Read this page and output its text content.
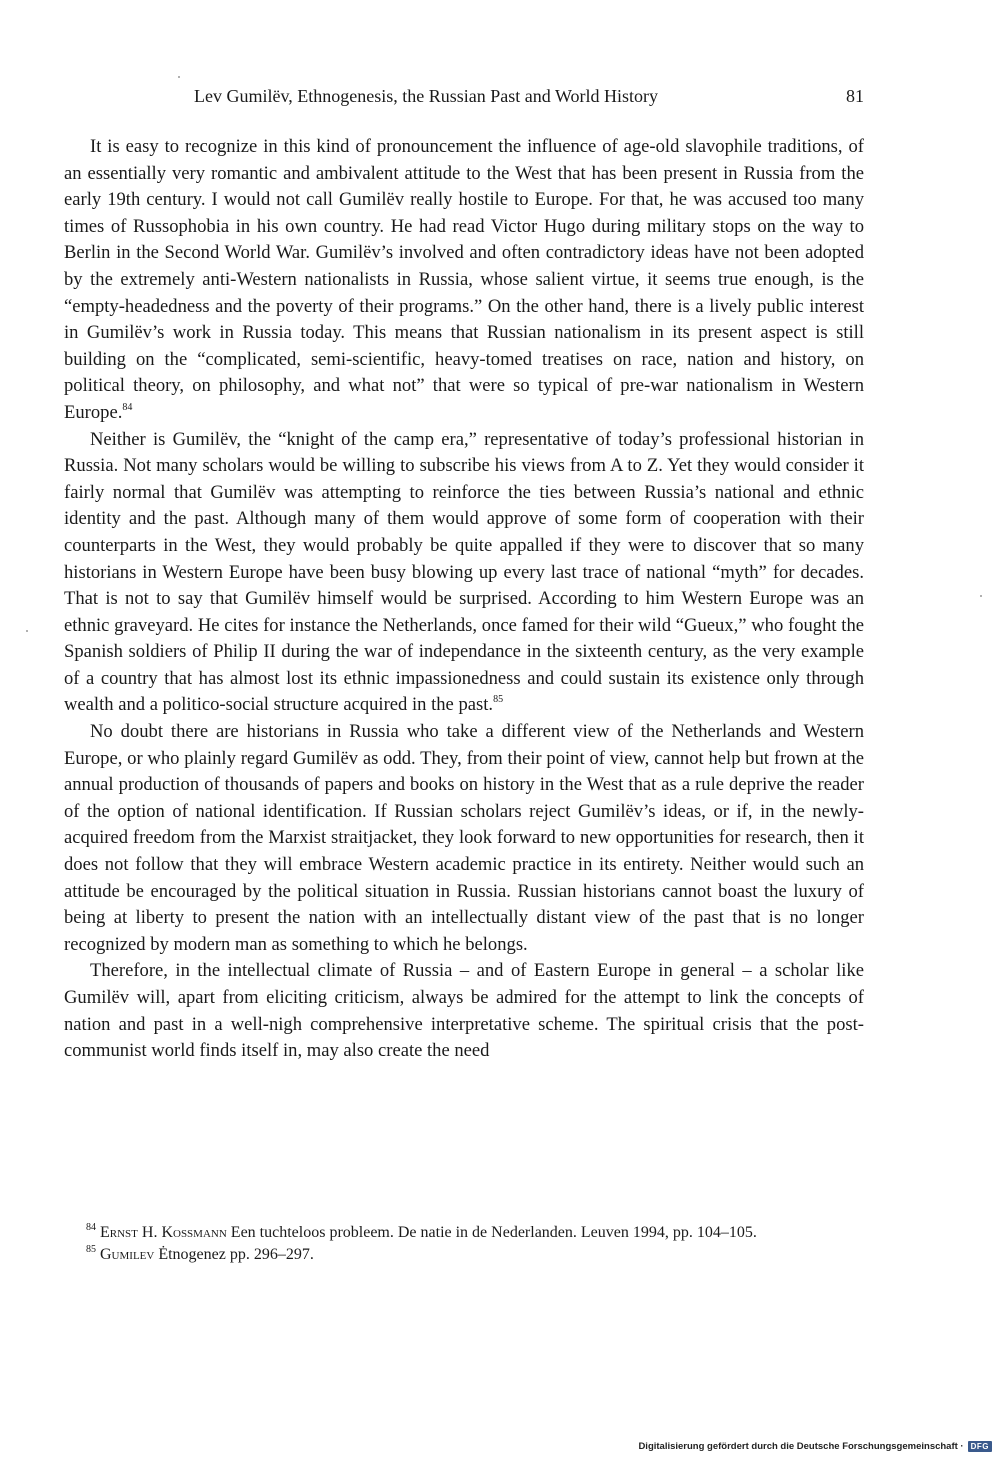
Lev Gumilëv, Ethnogenesis, the Russian Past and World History	81

It is easy to recognize in this kind of pronouncement the influence of age-old slavophile traditions, of an essentially very romantic and ambivalent attitude to the West that has been present in Russia from the early 19th century. I would not call Gumilëv really hostile to Europe. For that, he was accused too many times of Russophobia in his own country. He had read Victor Hugo during military stops on the way to Berlin in the Second World War. Gumilëv’s involved and often contradictory ideas have not been adopted by the extremely anti-Western nationalists in Russia, whose salient virtue, it seems true enough, is the “empty-headedness and the poverty of their programs.” On the other hand, there is a lively public interest in Gumilëv’s work in Russia today. This means that Russian nationalism in its present aspect is still building on the “complicated, semi-scientific, heavy-tomed treatises on race, nation and history, on political theory, on philosophy, and what not” that were so typical of pre-war nationalism in Western Europe.$^{84}$

Neither is Gumilëv, the “knight of the camp era,” representative of today’s professional historian in Russia. Not many scholars would be willing to subscribe his views from A to Z. Yet they would consider it fairly normal that Gumilëv was attempting to reinforce the ties between Russia’s national and ethnic identity and the past. Although many of them would approve of some form of cooperation with their counterparts in the West, they would probably be quite appalled if they were to discover that so many historians in Western Europe have been busy blowing up every last trace of national “myth” for decades. That is not to say that Gumilëv himself would be surprised. According to him Western Europe was an ethnic graveyard. He cites for instance the Netherlands, once famed for their wild “Gueux,” who fought the Spanish soldiers of Philip II during the war of independance in the sixteenth century, as the very example of a country that has almost lost its ethnic impassionedness and could sustain its existence only through wealth and a politico-social structure acquired in the past.$^{85}$

No doubt there are historians in Russia who take a different view of the Netherlands and Western Europe, or who plainly regard Gumilëv as odd. They, from their point of view, cannot help but frown at the annual production of thousands of papers and books on history in the West that as a rule deprive the reader of the option of national identification. If Russian scholars reject Gumilëv’s ideas, or if, in the newly-acquired freedom from the Marxist straitjacket, they look forward to new opportunities for research, then it does not follow that they will embrace Western academic practice in its entirety. Neither would such an attitude be encouraged by the political situation in Russia. Russian historians cannot boast the luxury of being at liberty to present the nation with an intellectually distant view of the past that is no longer recognized by modern man as something to which he belongs.

Therefore, in the intellectual climate of Russia – and of Eastern Europe in general – a scholar like Gumilëv will, apart from eliciting criticism, always be admired for the attempt to link the concepts of nation and past in a well-nigh comprehensive interpretative scheme. The spiritual crisis that the post-communist world finds itself in, may also create the need

$^{84}$ Ernst H. Kossmann Een tuchteloos probleem. De natie in de Nederlanden. Leuven 1994, pp. 104–105.

$^{85}$ Gumilev Ėtnogenez pp. 296–297.

Digitalisierung gefördert durch die Deutsche Forschungsgemeinschaft · DFG
